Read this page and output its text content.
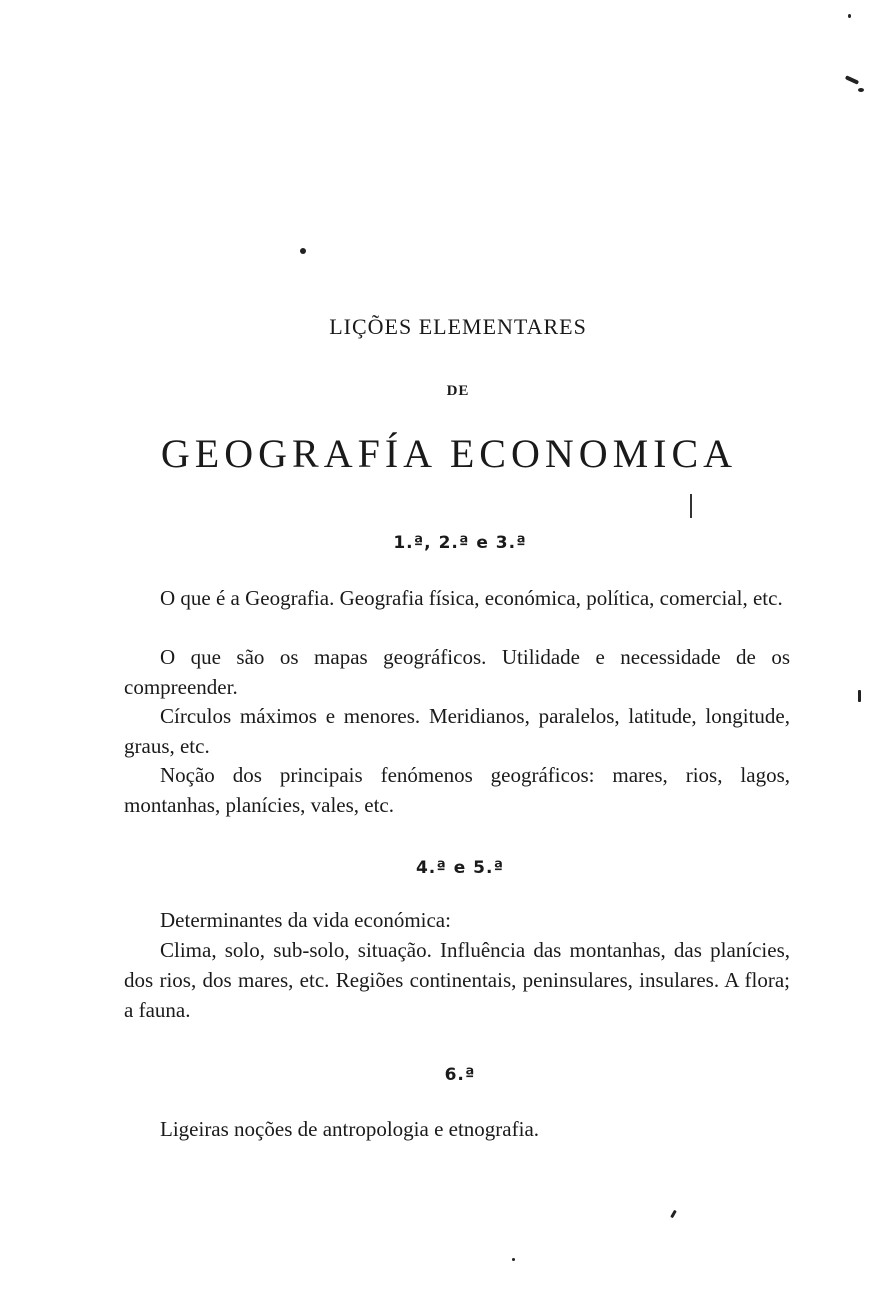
LIÇÕES ELEMENTARES
DE
GEOGRAFÍA ECONOMICA
1.ª, 2.ª e 3.ª

O que é a Geografia. Geografia física, económica, política, comercial, etc.

O que são os mapas geográficos. Utilidade e necessidade de os compreender.

Círculos máximos e menores. Meridianos, paralelos, latitude, longitude, graus, etc.

Noção dos principais fenómenos geográficos: mares, rios, lagos, montanhas, planícies, vales, etc.

4.ª e 5.ª

Determinantes da vida económica:

Clima, solo, sub-solo, situação. Influência das montanhas, das planícies, dos rios, dos mares, etc. Regiões continentais, peninsulares, insulares. A flora; a fauna.

6.ª

Ligeiras noções de antropologia e etnografia.
